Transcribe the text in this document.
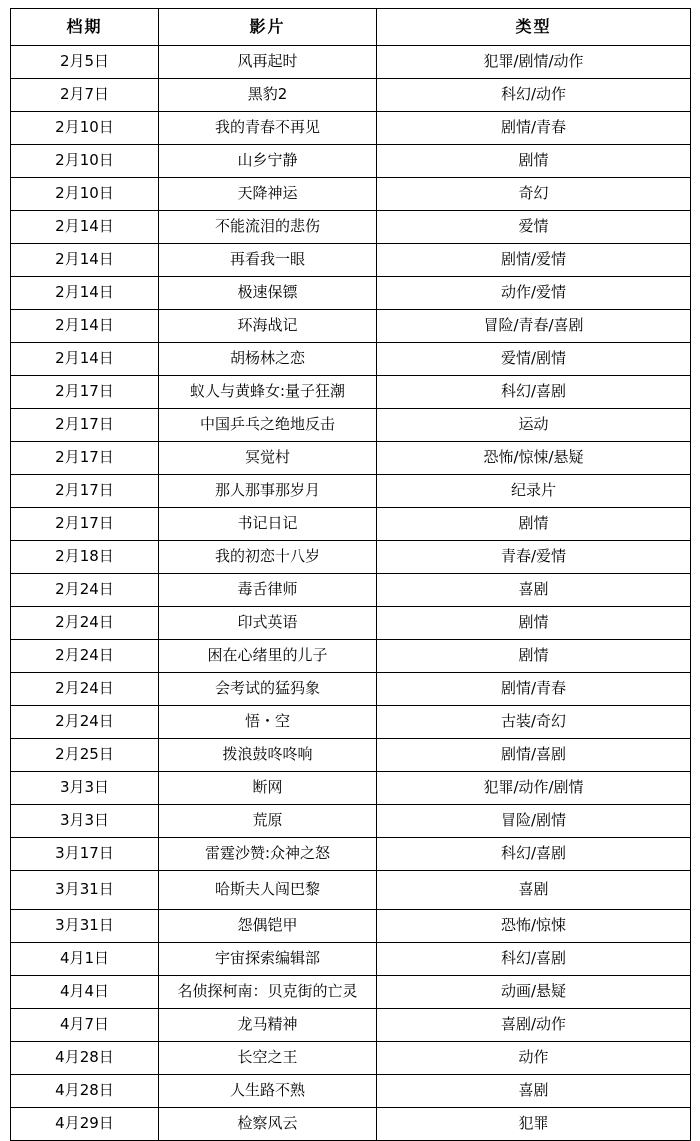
档期	影片	类型
2月5日	风再起时	犯罪/剧情/动作
2月7日	黑豹2	科幻/动作
2月10日	我的青春不再见	剧情/青春
2月10日	山乡宁静	剧情
2月10日	天降神运	奇幻
2月14日	不能流泪的悲伤	爱情
2月14日	再看我一眼	剧情/爱情
2月14日	极速保镖	动作/爱情
2月14日	环海战记	冒险/青春/喜剧
2月14日	胡杨林之恋	爱情/剧情
2月17日	蚁人与黄蜂女:量子狂潮	科幻/喜剧
2月17日	中国乒乓之绝地反击	运动
2月17日	冥觉村	恐怖/惊悚/悬疑
2月17日	那人那事那岁月	纪录片
2月17日	书记日记	剧情
2月18日	我的初恋十八岁	青春/爱情
2月24日	毒舌律师	喜剧
2月24日	印式英语	剧情
2月24日	困在心绪里的儿子	剧情
2月24日	会考试的猛犸象	剧情/青春
2月24日	悟・空	古装/奇幻
2月25日	拨浪鼓咚咚响	剧情/喜剧
3月3日	断网	犯罪/动作/剧情
3月3日	荒原	冒险/剧情
3月17日	雷霆沙赞:众神之怒	科幻/喜剧
3月31日	哈斯夫人闯巴黎	喜剧
3月31日	怨偶铠甲	恐怖/惊悚
4月1日	宇宙探索编辑部	科幻/喜剧
4月4日	名侦探柯南：贝克街的亡灵	动画/悬疑
4月7日	龙马精神	喜剧/动作
4月28日	长空之王	动作
4月28日	人生路不熟	喜剧
4月29日	检察风云	犯罪
